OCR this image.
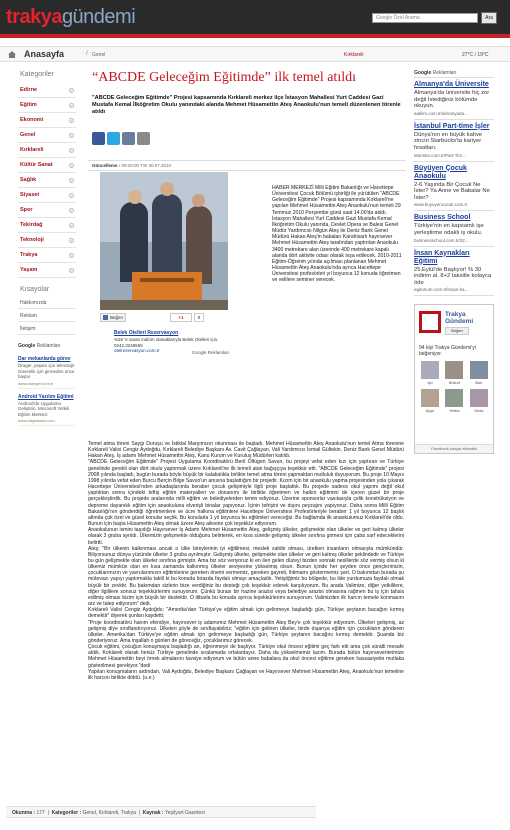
trakyagündemi	Google Özel Arama	Ara
Anasayfa	/ Genel	Kırklareli	27°C / 19°C
Kategoriler
Edirne	›
Eğitim	›
Ekonomi	›
Genel	›
Kırklareli	›
Kültür Sanat	›
Sağlık	›
Siyaset	›
Spor	›
Tekirdağ	›
Teknoloji	›
Trakya	›
Yaşam	›
Kısayolar
Hakkımızda
Reklam
İletişim
Google Reklamları
Dar mekanlarda görev
Drager, yaşam için teknoloji! Güvenlik için girmeden önce başlar
www.draeger.com.tr
Android Yazılım Eğitimi
Android'de Uygulama Geliştirin. Microsoft Yetkili Eğitim Merkezi
www.bilgeadam.com
“ABCDE Geleceğim Eğitimde” ilk temel atıldı
"ABCDE Geleceğim Eğitimde" Projesi kapsamında Kırklareli merkez ilçe İstasyon Mahallesi Yurt Caddesi Gazi Mustafa Kemal İlköğretim Okulu yanındaki alanda Mehmet Hüsamettin Ateş Anaokulu'nun temeli düzenlenen törenle atıldı
Güncelleme : 09:20:00 TSI 30.07.2010
Beğen	+1	0
Belek Otelleri Rezervasyon
%25 'e varan indirim olanaklarıyla Belek Otelleri için. 0242.3249565
otelrezervasyon.com.tr	Google Reklamları
HABER MERKEZİ Milli Eğitim Bakanlığı ve Hacettepe Üniversitesi Çocuk Bölümü işbirliği ile yürütülen "ABCDE Geleceğim Eğitimde" Projesi kapsamında Kırklareli'ne yapılan Mehmet Hüsamettin Ateş Anaokulu'nun temeli 29 Temmuz 2010 Perşembe günü saat 14.00'da atıldı. İstasyon Mahallesi Yurt Caddesi Gazi Mustafa Kemal İlköğretim Okulu yanında, Devlet Opera ve Balesi Genel Müdür Yardımcısı Nilgün Ateş ile Deniz Bank Genel Müdürü Hakan Ateş'in babaları Karahisarlı hayırsever Mehmet Hüsamettin Ateş tarafından yaptırılan Anaokulu 3400 metrekare alan üzerinde 400 metrekare kapalı alanda dört aktivite odası olarak inşa edilecek. 2010-2011 Eğitim-Öğretim yılında açılması planlanan Mehmet Hüsamettin Ateş Anaokulu'nda ayrıca Hacettepe Üniversitesi profesörleri yıl boyunca 12 konuda öğretmen ve velilere seminer verecek.

Temel atma töreni Saygı Duruşu ve İstiklal Marşımızın okunması ile başladı. Mehmet Hüsamettin Ateş Anaokulu'nun temel Atma törenine Kırklareli Valisi Cengiz Aydoğdu, Kırklareli Belediye Başkanı Av. Cavit Çağlayan, Vali Yardımcısı İsmail Gültekin, Deniz Bank Genel Müdürü Hakan Ateş, İş adamı Mehmet Hüsamettin Ateş, Kanu Kurum ve Kuruluş Müdürleri katıldı.

"ABCDE Geleceğim Eğitimde" Projesi Uygulama Koordinatörü Beril Öltügen Savun, bu projeyi vefat eden kızı için yaptıran ve Türkiye genelinde gerekli olan dört okulu yaptırmak üzere Kırklareli'ne ilk temeli atan bağışçıya teşekkür etti. "ABCDE Geleceğim Eğitimde" projesi 2008 yılında başladı, bugün burada böyle büyük bir kalabalıkla birlikte temel atma töreni yapmaktan mutluluk duyuyorum. Bu proje 10 Mayıs 1998 yılında vefat eden Burcu Berçin Bilge Savun'un anısına başlattığım bir projedir. Kızım için bir anaokulu yapma projesinden yola çıkarak Hacettepe Üniversitesi'nden arkadaşlarımla beraber çocuk gelişimiyle ilgili proje başlattık. Bu projede sadece okul yapımı değil okul yaptıktan sonra içindeki teftiş eğitim materyalleri ve donanımı ile birlikte öğretmen ve halkın eğitimini de içeren güzel bir proje gerçekleştirdik. Bu projede aralarında milli eğitim ve belediyelerden temin ediyoruz. Üzerine sponsorlar vasıtasıyla çelik konstrüksiyon ve depreme dayanıklı eğitim için anaokuluna elverişli binalar yapıyoruz. İçinin tefrişini ve dışını peyzajını yapıyoruz. Daha sonra Milli Eğitim Bakanlığı'nın gönderdiği öğretmenlere ve ücre halkına eğitimlere Hacettepe Üniversitesi Profesörleriyle beraber 1 yıl boyunca 12 başlık altında çok özel ve güzel konular seçtik. Bu konularla 1 yıl boyunca bu eğitimleri vereceğiz. Bu bağlamda ilk anaokulumuz Kırklareli'de oldu. Bunun için başta Hüsamettin Ateş olmak üzere Ateş ailesine çok teşekkür ediyorum.

Anaokulunun ismini taşıdığı Hayırsever İş Adamı Mehmet Hüsamettin Ateş, gelişmiş ülkeler, gelişmekte olan ülkeler ve geri kalmış ülkeler olarak 3 gruba ayrıldı. Ülkemizin gelişmekte olduğunu belirterek, en kısa sürede gelişmiş ülkeler sınıfına girmesi için çaba sarf edeceklerini belirtti.

Ateş; "Bir ülkenin kalkınması ancak o ülke bireylerinin iyi eğitilmesi, meslek sahibi olması, üretken insanların olmasıyla mümkündür. Biliyorsunuz dünya yüzünde ülkeler 3 gruba ayrılmıştır. Gelişmiş ülkeler, gelişmekte olan ülkeler ve geri kalmış ülkeler şeklindedir ve Türkiye bu gün gelişmekte olan ülkeler sınıfına girmiştir. Ama biz söz veriyoruz ki en ileri gelen düzeyi bizden sonraki nesillerde söz vermiş olsun ki ülkemiz mümkün olan en kısa zamanda kalkınmış ülkeler seviyesine yükselmiş olsun. Bunun içinde her şeyden önce gençlerimizin, çocuklarımızın ve yavrularımızın eğitimlerine gereken önemi vermemiz, gereken gayreti, ihtimamı göstermemiz şart. O bakımdan burada şu mütevazı yapıyı yaptırmakla taktil ki bu konuda birazda faydalı olmayı amaçladık. Yetiştiğimiz bu bölgede, bu ilde yurdumuza faydalı olmak büyük bir zevktir. Bu bakımdan sizlerin bize verdiğiniz bu desteği çok teşekkür ederek karşılıyorum. Bu arada Valimize, diğer yetkililere, diğer ilgililere sonsuz teşekkürlerimi sunuyorum. Çünkü burası bir hazine arazisi veya belediye arazisi olmasına rağmen bu iş için tahsis edilmiş olması bizim için büyük bir destektir. O itibarla bu konuda ayrıca teşekkürlerimi sunuyorum. Valimizden ilk harcın temele konmasını arz ve talep ediyorum" dedi.

Kırklareli Valisi Cengiz Aydoğdu; "Amerika'dan Türkiye'ye eğitim almak için gelinmeye başladığı gün, Türkiye şeytanın bacağını kırmış demektir" diyerek şunları kaydetti;

"Proje koordinatörü hanım efendiye, hayırsever iş adamımız Mehmet Hüsamettin Ateş Bey'e çok teşekkür ediyorum. Ülkeleri gelişmiş, az gelişmiş diye sınıflandırıyoruz. Ülkeleri şöyle de sınıflayabiliriz; "eğitim için gelinen ülkeler, birde dışarıya eğitim için çocukların gönderen ülkeler. Amerika'dan Türkiye'ye eğitim almak için gelinmeye başladığı gün, Türkiye şeytanın bacağını kırmış demektir. Şuanda biz gönderiyoruz. Ama inşallah o günleri de göreceğiz, çocuklarımız görecek.

Çocuk eğitimi, çocuğun konuşmaya başladığı an, öğrenmeye de başlıyor. Türkiye okul öncesi eğitimi geç fark etti ama çok süratli mesafe aldık. Kırklareli olarak henüz Türkiye genelinde sıralamada ortalardayız. Daha da yükselmemiz lazım. Burada bütün hayırseverlerimize Mehmet Hüsamettin beyi örnek almalarını tavsiye ediyorum ve bütün anne babalara da okul öncesi eğitime gereken hassasiyetin mutlaka gösterilmesi gerekiyor."dedi

Yapılan konuşmaların ardından, Vali Aydoğdu, Belediye Başkanı Çağlayan ve Hayırsever Mehmet Hüsamettin Ateş, Anaokulu'nun temeline ilk harcını birlikte döktü. (u.e.)

Okunma : 177  |  Kategoriler : Genel, Kırklareli, Trakya  |  Kaynak : Yeşilyurt Gazetesi
Google Reklamları
Almanya'da Üniversite
Almanya'da üniversite hiç zor değil İstediğiniz bölümde okuyun.
aaklim.com.tr/almanyada...
İstanbul Part-time İşler
Dünya'nın en büyük kahve zinciri Starbucks'ta kariyer fırsatları.
Monster.com.tr/Part-Tim...
Büyüyen Çocuk Anaokulu
2-6 Yaşında Bir Çocuk Ne İster? Ya Anne ve Babalar Ne İster?
www.buyuyencocuk.com.tr
Business School
Türkiye'nin en kapsamlı işe yerleştirme odaklı iş okulu.
businessschool.com.tr/32...
İnsan Kaynakları Eğitimi
25.Eylül'de Başlıyor! % 30 indirim al. 8+2 taksitle kolayca öde
egitorium.com.tr/insan-ka...
Trakya Gündemi
Beğen
94 kişi Trakya Gündemi'yi beğeniyor.
Işıl
	Bülent
	İlker

Ayşe
	Yetkin
	Seda
Facebook sosyal eklentisi
